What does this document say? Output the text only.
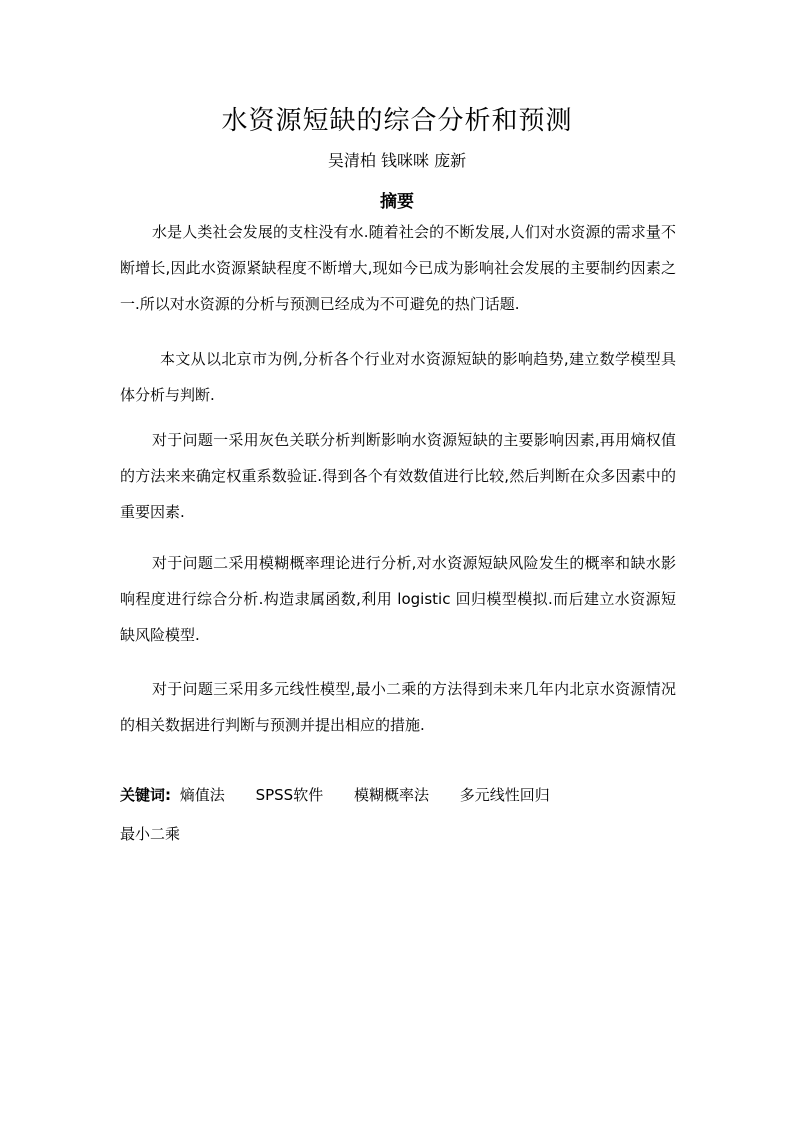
水资源短缺的综合分析和预测
吴清柏 钱咪咪 庞新
摘要

水是人类社会发展的支柱没有水.随着社会的不断发展,人们对水资源的需求量不断增长,因此水资源紧缺程度不断增大,现如今已成为影响社会发展的主要制约因素之一.所以对水资源的分析与预测已经成为不可避免的热门话题.

本文从以北京市为例,分析各个行业对水资源短缺的影响趋势,建立数学模型具体分析与判断.

对于问题一采用灰色关联分析判断影响水资源短缺的主要影响因素,再用熵权值的方法来来确定权重系数验证.得到各个有效数值进行比较,然后判断在众多因素中的重要因素.

对于问题二采用模糊概率理论进行分析,对水资源短缺风险发生的概率和缺水影响程度进行综合分析.构造隶属函数,利用 logistic 回归模型模拟.而后建立水资源短缺风险模型.

对于问题三采用多元线性模型,最小二乘的方法得到未来几年内北京水资源情况的相关数据进行判断与预测并提出相应的措施.

关键词: 熵值法 SPSS软件 模糊概率法 多元线性回归
最小二乘
